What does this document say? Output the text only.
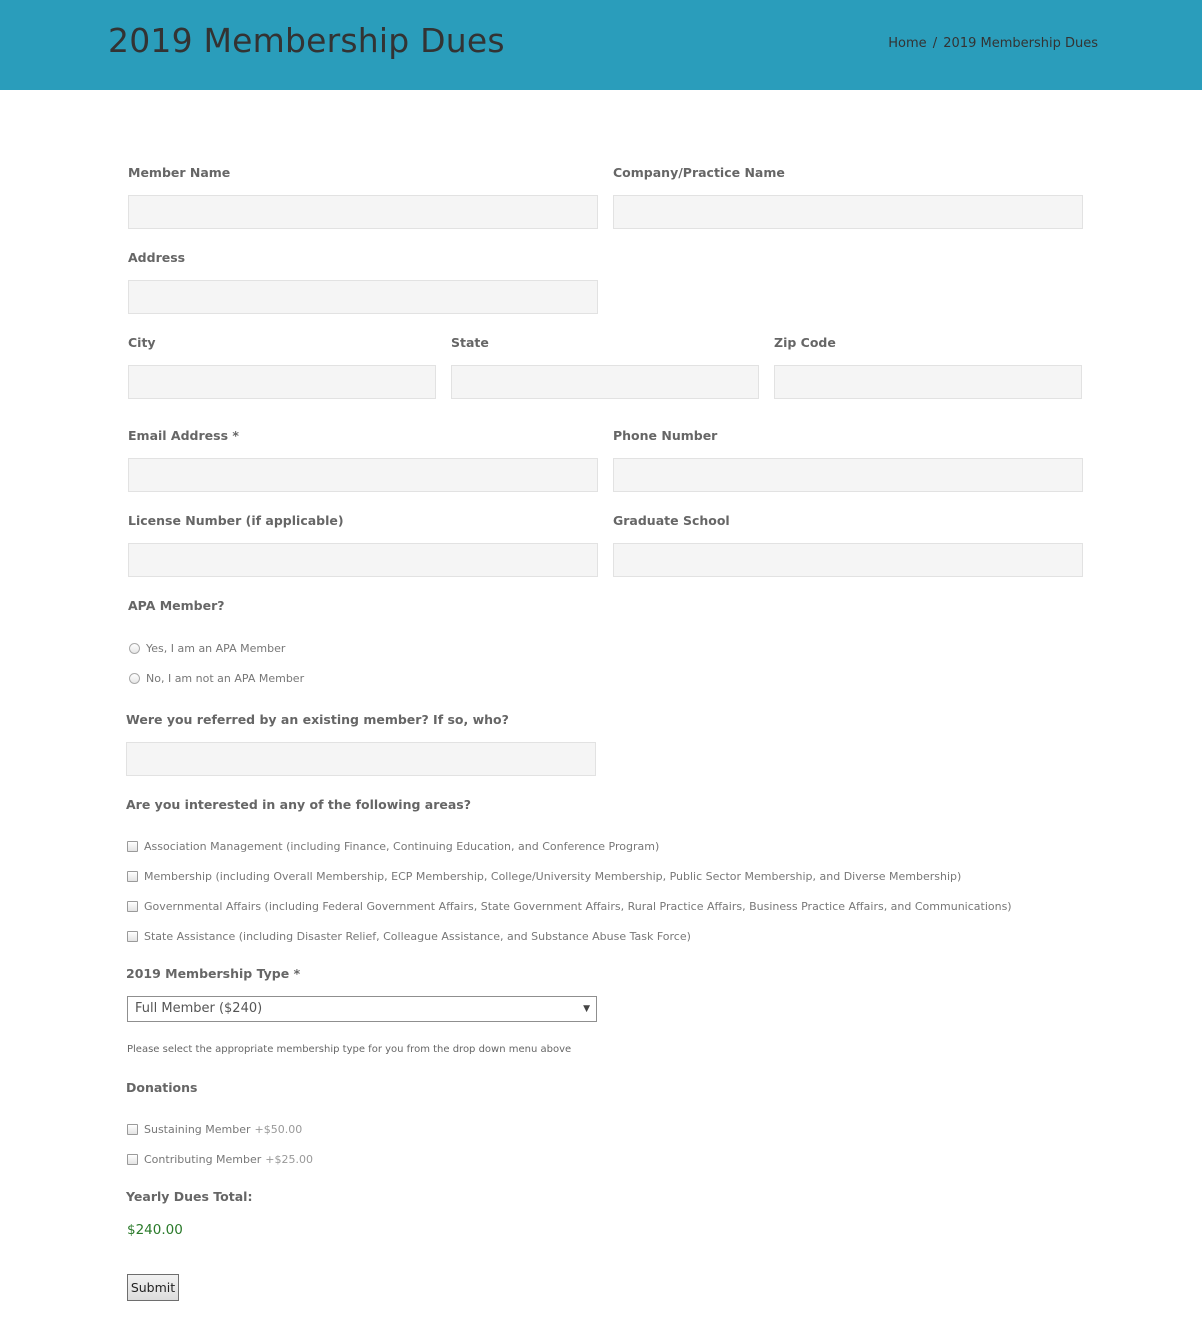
2019 Membership Dues	Home / 2019 Membership Dues
Member Name	Company/Practice Name
Address
City	State	Zip Code
Email Address *	Phone Number
License Number (if applicable)	Graduate School
APA Member?
Yes, I am an APA Member
No, I am not an APA Member
Were you referred by an existing member? If so, who?
Are you interested in any of the following areas?
Association Management (including Finance, Continuing Education, and Conference Program)
Membership (including Overall Membership, ECP Membership, College/University Membership, Public Sector Membership, and Diverse Membership)
Governmental Affairs (including Federal Government Affairs, State Government Affairs, Rural Practice Affairs, Business Practice Affairs, and Communications)
State Assistance (including Disaster Relief, Colleague Assistance, and Substance Abuse Task Force)
2019 Membership Type *
Full Member ($240)	▼
Please select the appropriate membership type for you from the drop down menu above
Donations
Sustaining Member +$50.00
Contributing Member +$25.00
Yearly Dues Total:
$240.00
Submit
